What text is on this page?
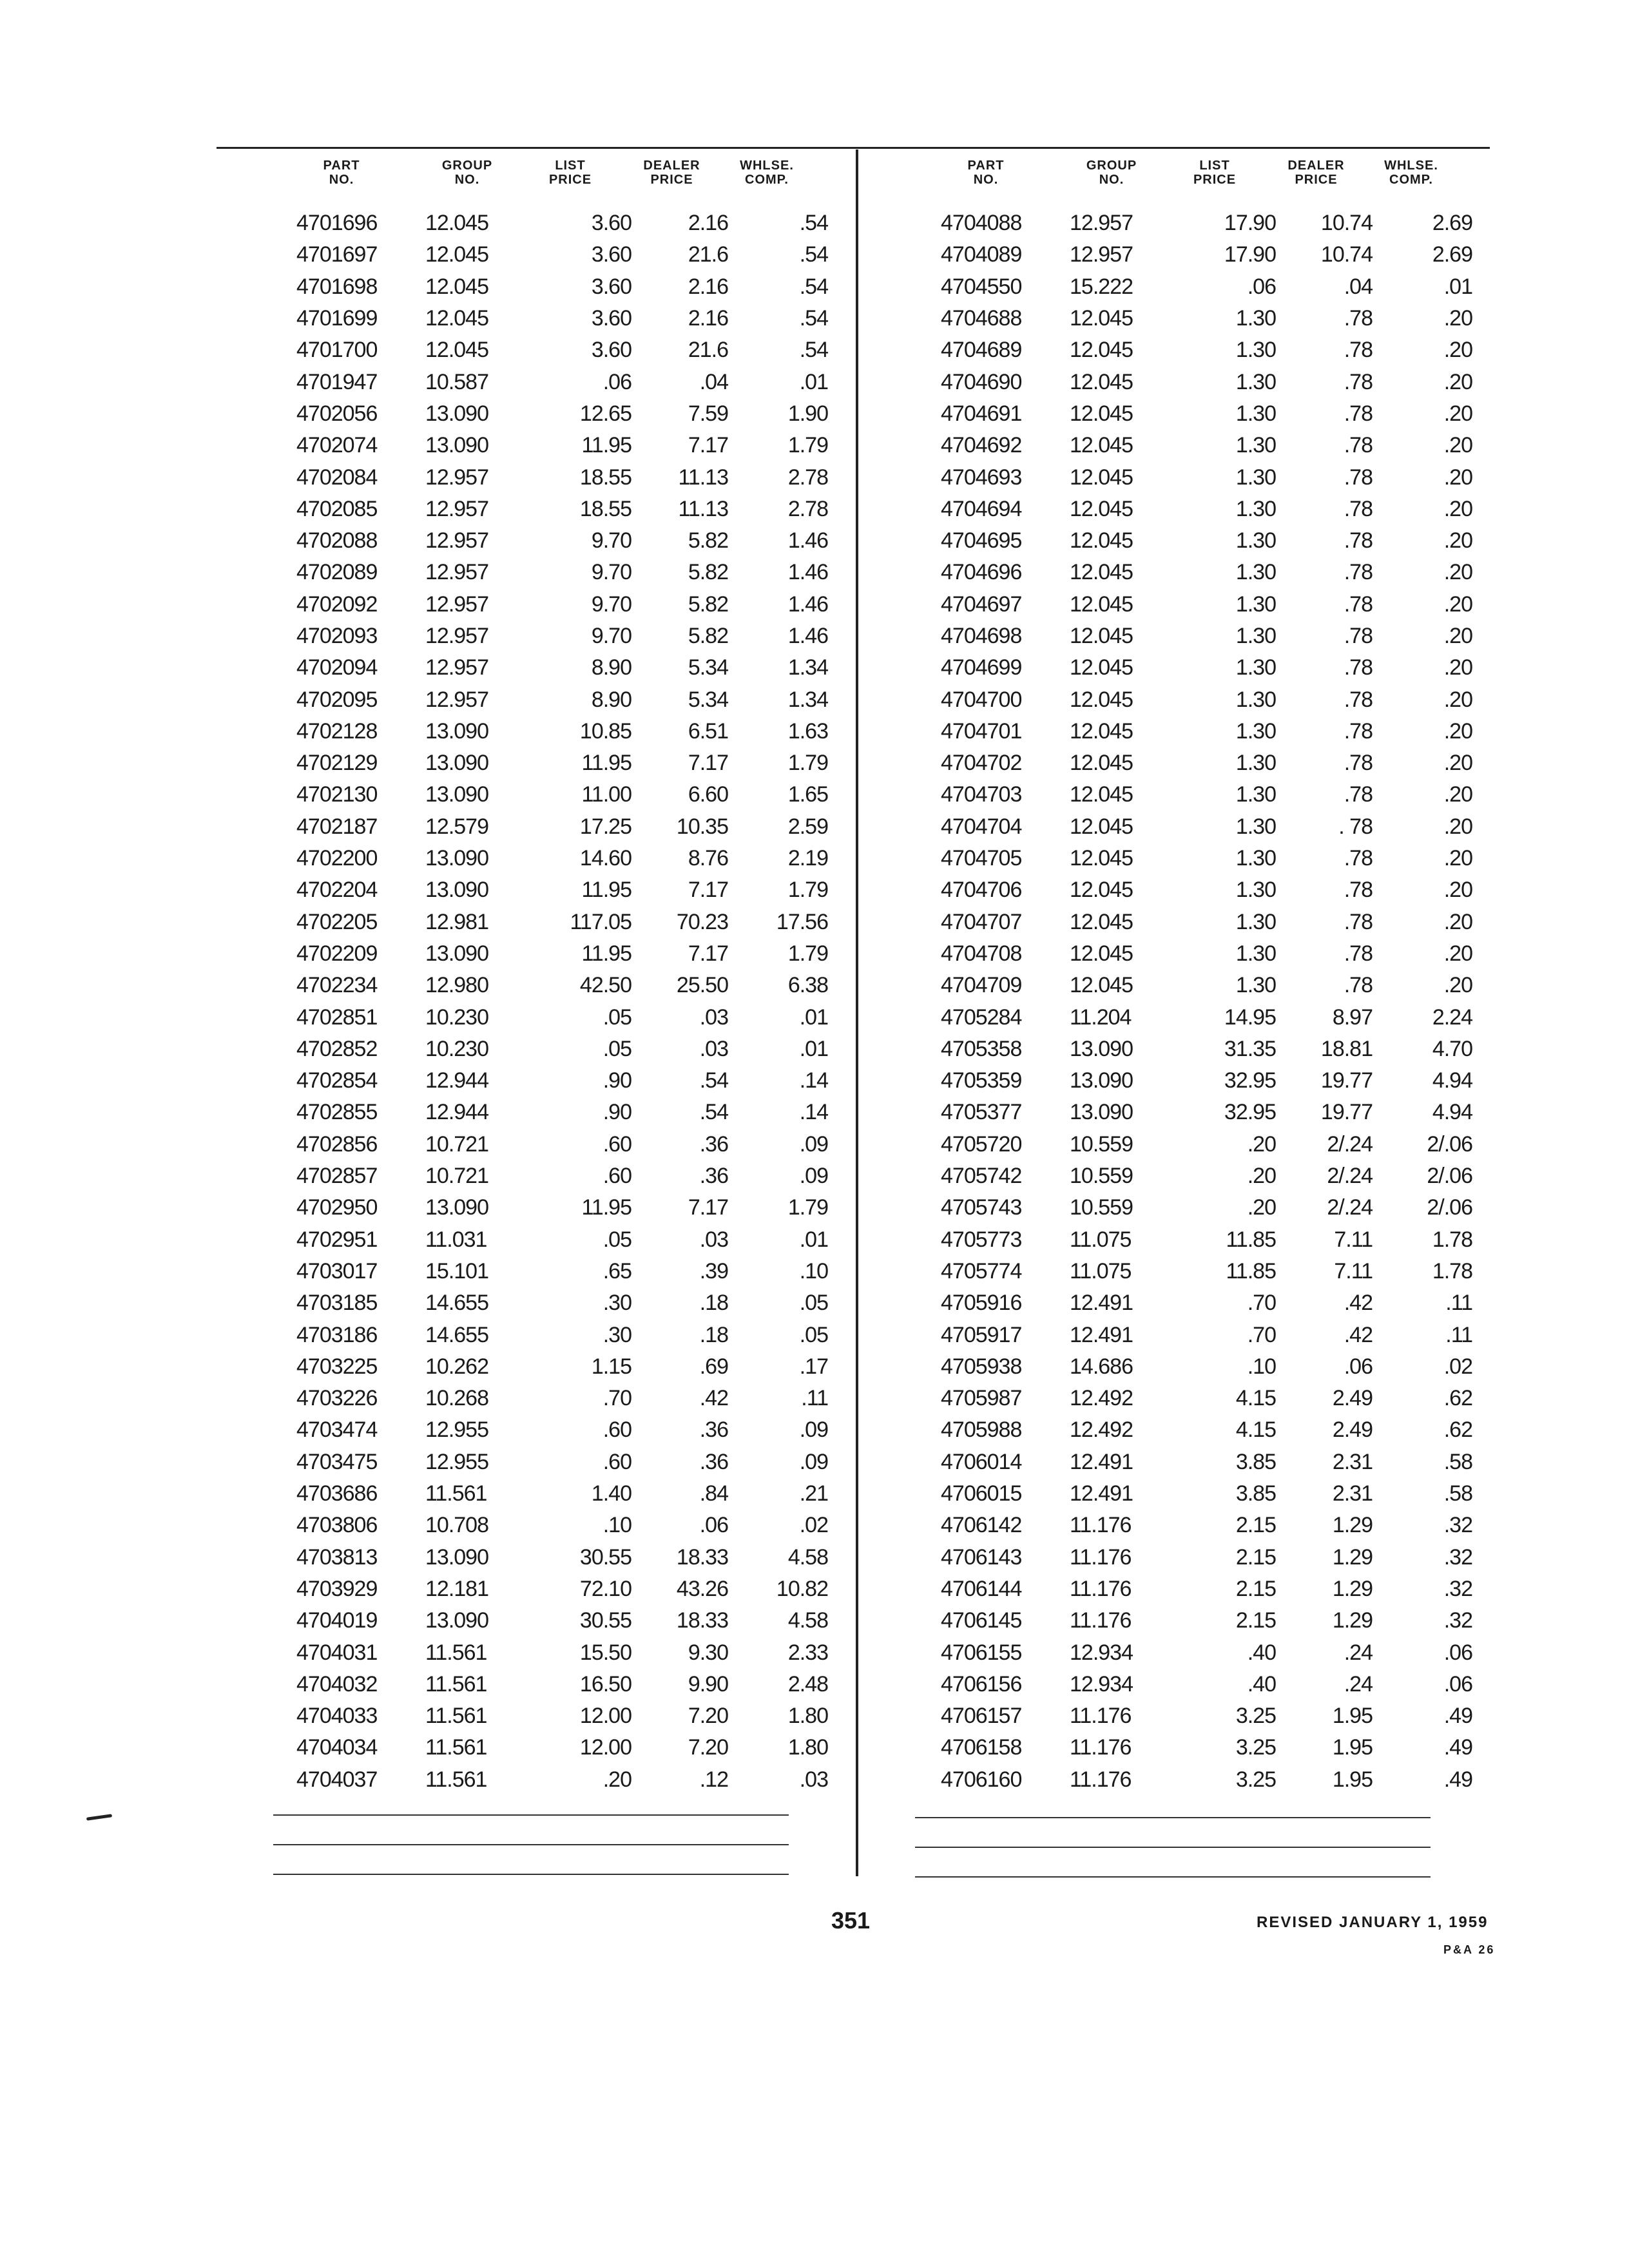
PART
NO.
GROUP
NO.
LIST
PRICE
DEALER
PRICE
WHLSE.
COMP.
4701696	12.045	3.60	2.16	.54
4701697	12.045	3.60	21.6	.54
4701698	12.045	3.60	2.16	.54
4701699	12.045	3.60	2.16	.54
4701700	12.045	3.60	21.6	.54
4701947	10.587	.06	.04	.01
4702056	13.090	12.65	7.59	1.90
4702074	13.090	11.95	7.17	1.79
4702084	12.957	18.55	11.13	2.78
4702085	12.957	18.55	11.13	2.78
4702088	12.957	9.70	5.82	1.46
4702089	12.957	9.70	5.82	1.46
4702092	12.957	9.70	5.82	1.46
4702093	12.957	9.70	5.82	1.46
4702094	12.957	8.90	5.34	1.34
4702095	12.957	8.90	5.34	1.34
4702128	13.090	10.85	6.51	1.63
4702129	13.090	11.95	7.17	1.79
4702130	13.090	11.00	6.60	1.65
4702187	12.579	17.25	10.35	2.59
4702200	13.090	14.60	8.76	2.19
4702204	13.090	11.95	7.17	1.79
4702205	12.981	117.05	70.23	17.56
4702209	13.090	11.95	7.17	1.79
4702234	12.980	42.50	25.50	6.38
4702851	10.230	.05	.03	.01
4702852	10.230	.05	.03	.01
4702854	12.944	.90	.54	.14
4702855	12.944	.90	.54	.14
4702856	10.721	.60	.36	.09
4702857	10.721	.60	.36	.09
4702950	13.090	11.95	7.17	1.79
4702951	11.031	.05	.03	.01
4703017	15.101	.65	.39	.10
4703185	14.655	.30	.18	.05
4703186	14.655	.30	.18	.05
4703225	10.262	1.15	.69	.17
4703226	10.268	.70	.42	.11
4703474	12.955	.60	.36	.09
4703475	12.955	.60	.36	.09
4703686	11.561	1.40	.84	.21
4703806	10.708	.10	.06	.02
4703813	13.090	30.55	18.33	4.58
4703929	12.181	72.10	43.26	10.82
4704019	13.090	30.55	18.33	4.58
4704031	11.561	15.50	9.30	2.33
4704032	11.561	16.50	9.90	2.48
4704033	11.561	12.00	7.20	1.80
4704034	11.561	12.00	7.20	1.80
4704037	11.561	.20	.12	.03
PART
NO.
GROUP
NO.
LIST
PRICE
DEALER
PRICE
WHLSE.
COMP.
4704088	12.957	17.90	10.74	2.69
4704089	12.957	17.90	10.74	2.69
4704550	15.222	.06	.04	.01
4704688	12.045	1.30	.78	.20
4704689	12.045	1.30	.78	.20
4704690	12.045	1.30	.78	.20
4704691	12.045	1.30	.78	.20
4704692	12.045	1.30	.78	.20
4704693	12.045	1.30	.78	.20
4704694	12.045	1.30	.78	.20
4704695	12.045	1.30	.78	.20
4704696	12.045	1.30	.78	.20
4704697	12.045	1.30	.78	.20
4704698	12.045	1.30	.78	.20
4704699	12.045	1.30	.78	.20
4704700	12.045	1.30	.78	.20
4704701	12.045	1.30	.78	.20
4704702	12.045	1.30	.78	.20
4704703	12.045	1.30	.78	.20
4704704	12.045	1.30	. 78	.20
4704705	12.045	1.30	.78	.20
4704706	12.045	1.30	.78	.20
4704707	12.045	1.30	.78	.20
4704708	12.045	1.30	.78	.20
4704709	12.045	1.30	.78	.20
4705284	11.204	14.95	8.97	2.24
4705358	13.090	31.35	18.81	4.70
4705359	13.090	32.95	19.77	4.94
4705377	13.090	32.95	19.77	4.94
4705720	10.559	.20	2/.24	2/.06
4705742	10.559	.20	2/.24	2/.06
4705743	10.559	.20	2/.24	2/.06
4705773	11.075	11.85	7.11	1.78
4705774	11.075	11.85	7.11	1.78
4705916	12.491	.70	.42	.11
4705917	12.491	.70	.42	.11
4705938	14.686	.10	.06	.02
4705987	12.492	4.15	2.49	.62
4705988	12.492	4.15	2.49	.62
4706014	12.491	3.85	2.31	.58
4706015	12.491	3.85	2.31	.58
4706142	11.176	2.15	1.29	.32
4706143	11.176	2.15	1.29	.32
4706144	11.176	2.15	1.29	.32
4706145	11.176	2.15	1.29	.32
4706155	12.934	.40	.24	.06
4706156	12.934	.40	.24	.06
4706157	11.176	3.25	1.95	.49
4706158	11.176	3.25	1.95	.49
4706160	11.176	3.25	1.95	.49
351	REVISED JANUARY 1, 1959
P&A 26
